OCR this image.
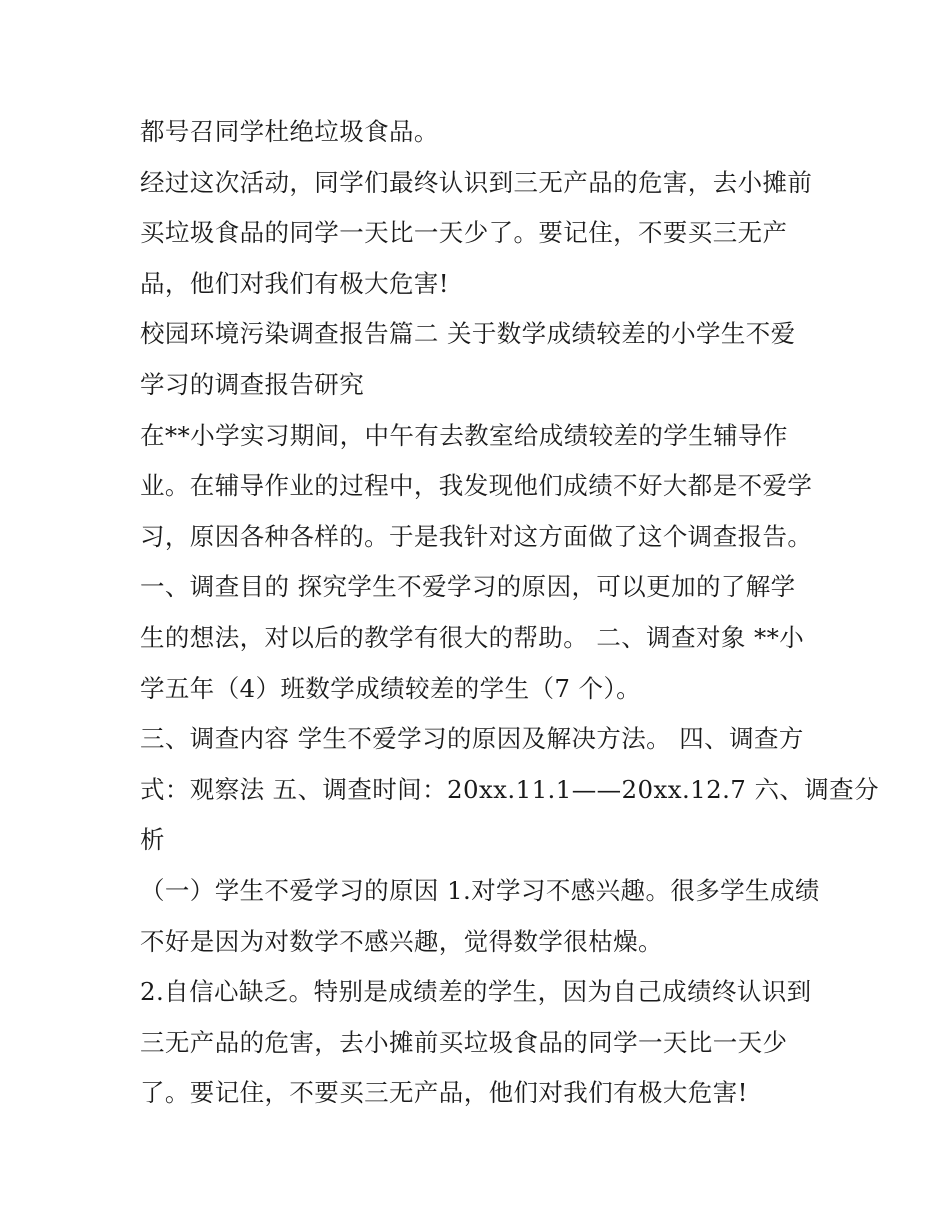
都号召同学杜绝垃圾食品。
经过这次活动，同学们最终认识到三无产品的危害，去小摊前
买垃圾食品的同学一天比一天少了。要记住，不要买三无产
品，他们对我们有极大危害!
校园环境污染调查报告篇二 关于数学成绩较差的小学生不爱
学习的调查报告研究
在**小学实习期间，中午有去教室给成绩较差的学生辅导作
业。在辅导作业的过程中，我发现他们成绩不好大都是不爱学
习，原因各种各样的。于是我针对这方面做了这个调查报告。
一、调查目的 探究学生不爱学习的原因，可以更加的了解学
生的想法，对以后的教学有很大的帮助。 二、调查对象 **小
学五年（4）班数学成绩较差的学生（7 个）。
三、调查内容 学生不爱学习的原因及解决方法。 四、调查方
式：观察法 五、调查时间：20xx.11.1——20xx.12.7 六、调查分
析
（一）学生不爱学习的原因 1.对学习不感兴趣。很多学生成绩
不好是因为对数学不感兴趣，觉得数学很枯燥。
2.自信心缺乏。特别是成绩差的学生，因为自己成绩终认识到
三无产品的危害，去小摊前买垃圾食品的同学一天比一天少
了。要记住，不要买三无产品，他们对我们有极大危害!
